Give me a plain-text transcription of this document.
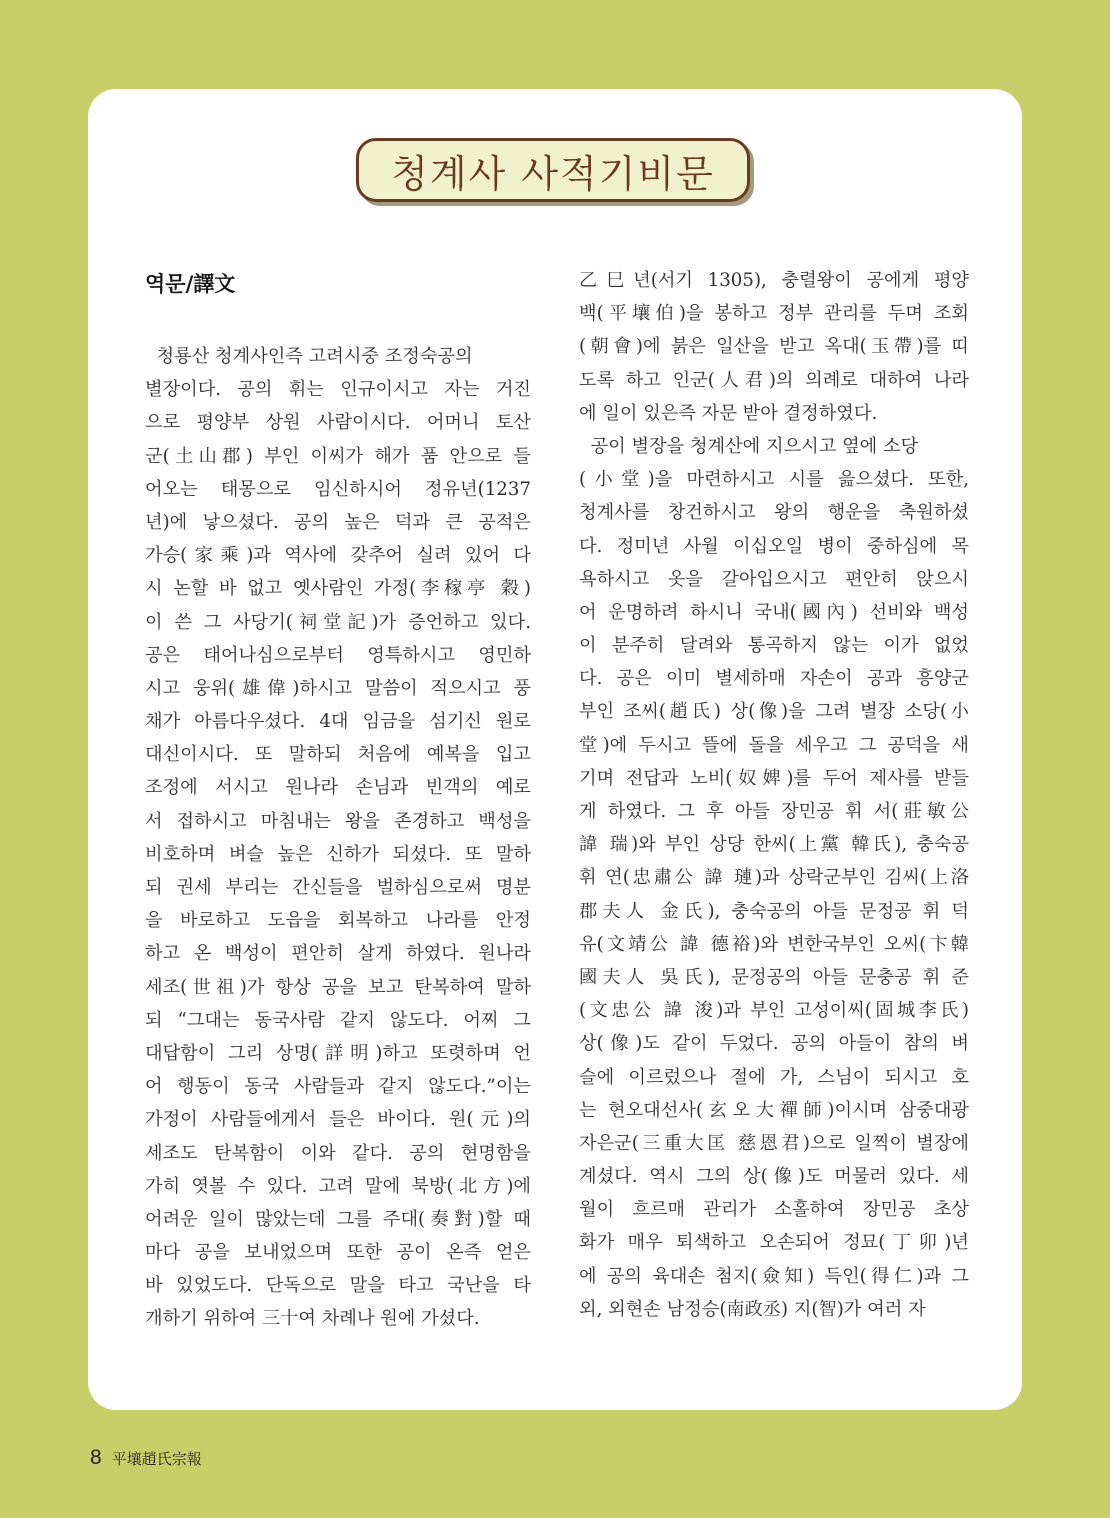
청계사 사적기비문
역문/譯文
청룡산 청계사인즉 고려시중 조정숙공의
별장이다. 공의 휘는 인규이시고 자는 거진
으로 평양부 상원 사람이시다. 어머니 토산
군(土山郡) 부인 이씨가 해가 품 안으로 들
어오는 태몽으로 임신하시어 정유년(1237
년)에 낳으셨다. 공의 높은 덕과 큰 공적은
가승(家乘)과 역사에 갖추어 실려 있어 다
시 논할 바 없고 옛사람인 가정(李稼亭 穀)
이 쓴 그 사당기(祠堂記)가 증언하고 있다.
공은 태어나심으로부터 영특하시고 영민하
시고 웅위(雄偉)하시고 말씀이 적으시고 풍
채가 아름다우셨다. 4대 임금을 섬기신 원로
대신이시다. 또 말하되 처음에 예복을 입고
조정에 서시고 원나라 손님과 빈객의 예로
서 접하시고 마침내는 왕을 존경하고 백성을
비호하며 벼슬 높은 신하가 되셨다. 또 말하
되 권세 부리는 간신들을 벌하심으로써 명분
을 바로하고 도읍을 회복하고 나라를 안정
하고 온 백성이 편안히 살게 하였다. 원나라
세조(世祖)가 항상 공을 보고 탄복하여 말하
되 “그대는 동국사람 같지 않도다. 어찌 그
대답함이 그리 상명(詳明)하고 또렷하며 언
어 행동이 동국 사람들과 같지 않도다.”이는
가정이 사람들에게서 들은 바이다. 원(元)의
세조도 탄복함이 이와 같다. 공의 현명함을
가히 엿볼 수 있다. 고려 말에 북방(北方)에
어려운 일이 많았는데 그를 주대(奏對)할 때
마다 공을 보내었으며 또한 공이 온즉 얻은
바 있었도다. 단독으로 말을 타고 국난을 타
개하기 위하여 三十여 차례나 원에 가셨다.
乙巳년(서기 1305), 충렬왕이 공에게 평양
백(平壤伯)을 봉하고 정부 관리를 두며 조회
(朝會)에 붉은 일산을 받고 옥대(玉帶)를 띠
도록 하고 인군(人君)의 의례로 대하여 나라
에 일이 있은즉 자문 받아 결정하였다.
공이 별장을 청계산에 지으시고 옆에 소당
(小堂)을 마련하시고 시를 읊으셨다. 또한,
청계사를 창건하시고 왕의 행운을 축원하셨
다. 정미년 사월 이십오일 병이 중하심에 목
욕하시고 옷을 갈아입으시고 편안히 앉으시
어 운명하려 하시니 국내(國內) 선비와 백성
이 분주히 달려와 통곡하지 않는 이가 없었
다. 공은 이미 별세하매 자손이 공과 흥양군
부인 조씨(趙氏) 상(像)을 그려 별장 소당(小
堂)에 두시고 뜰에 돌을 세우고 그 공덕을 새
기며 전답과 노비(奴婢)를 두어 제사를 받들
게 하였다. 그 후 아들 장민공 휘 서(莊敏公
諱 瑞)와 부인 상당 한씨(上黨 韓氏), 충숙공
휘 연(忠肅公 諱 璉)과 상락군부인 김씨(上洛
郡夫人 金氏), 충숙공의 아들 문정공 휘 덕
유(文靖公 諱 德裕)와 변한국부인 오씨(卞韓
國夫人 吳氏), 문정공의 아들 문충공 휘 준
(文忠公 諱 浚)과 부인 고성이씨(固城李氏)
상(像)도 같이 두었다. 공의 아들이 참의 벼
슬에 이르렀으나 절에 가, 스님이 되시고 호
는 현오대선사(玄오大禪師)이시며 삼중대광
자은군(三重大匡 慈恩君)으로 일찍이 별장에
계셨다. 역시 그의 상(像)도 머물러 있다. 세
월이 흐르매 관리가 소홀하여 장민공 초상
화가 매우 퇴색하고 오손되어 정묘(丁卯)년
에 공의 육대손 첨지(僉知) 득인(得仁)과 그
외, 외현손 남정승(南政丞) 지(智)가 여러 자
8 平壤趙氏宗報
